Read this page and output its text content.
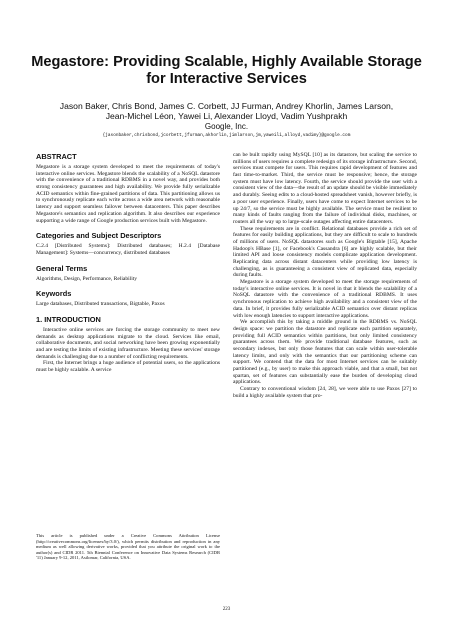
Megastore: Providing Scalable, Highly Available Storage for Interactive Services
Jason Baker, Chris Bond, James C. Corbett, JJ Furman, Andrey Khorlin, James Larson,
Jean-Michel Léon, Yawei Li, Alexander Lloyd, Vadim Yushprakh
Google, Inc.
{jasonbaker,chrisbond,jcorbett,jfurman,akhorlin,jimlarson,jm,yaweili,alloyd,vadimy}@google.com
ABSTRACT

Megastore is a storage system developed to meet the requirements of today's interactive online services. Megastore blends the scalability of a NoSQL datastore with the convenience of a traditional RDBMS in a novel way, and provides both strong consistency guarantees and high availability. We provide fully serializable ACID semantics within fine-grained partitions of data. This partitioning allows us to synchronously replicate each write across a wide area network with reasonable latency and support seamless failover between datacenters. This paper describes Megastore's semantics and replication algorithm. It also describes our experience supporting a wide range of Google production services built with Megastore.

Categories and Subject Descriptors

C.2.4 [Distributed Systems]: Distributed databases; H.2.4 [Database Management]: Systems—concurrency, distributed databases

General Terms

Algorithms, Design, Performance, Reliability

Keywords

Large databases, Distributed transactions, Bigtable, Paxos

1. INTRODUCTION

Interactive online services are forcing the storage community to meet new demands as desktop applications migrate to the cloud. Services like email, collaborative documents, and social networking have been growing exponentially and are testing the limits of existing infrastructure. Meeting these services' storage demands is challenging due to a number of conflicting requirements.

First, the Internet brings a huge audience of potential users, so the applications must be highly scalable. A service

This article is published under a Creative Commons Attribution License (http://creativecommons.org/licenses/by/3.0/), which permits distribution and reproduction in any medium as well allowing derivative works, provided that you attribute the original work to the author(s) and CIDR 2011. 5th Biennial Conference on Innovative Data Systems Research (CIDR '11) January 9-12, 2011, Asilomar, California, USA.

can be built rapidly using MySQL [10] as its datastore, but scaling the service to millions of users requires a complete redesign of its storage infrastructure. Second, services must compete for users. This requires rapid development of features and fast time-to-market. Third, the service must be responsive; hence, the storage system must have low latency. Fourth, the service should provide the user with a consistent view of the data—the result of an update should be visible immediately and durably. Seeing edits to a cloud-hosted spreadsheet vanish, however briefly, is a poor user experience. Finally, users have come to expect Internet services to be up 24/7, so the service must be highly available. The service must be resilient to many kinds of faults ranging from the failure of individual disks, machines, or routers all the way up to large-scale outages affecting entire datacenters.

These requirements are in conflict. Relational databases provide a rich set of features for easily building applications, but they are difficult to scale to hundreds of millions of users. NoSQL datastores such as Google's Bigtable [15], Apache Hadoop's HBase [1], or Facebook's Cassandra [6] are highly scalable, but their limited API and loose consistency models complicate application development. Replicating data across distant datacenters while providing low latency is challenging, as is guaranteeing a consistent view of replicated data, especially during faults.

Megastore is a storage system developed to meet the storage requirements of today's interactive online services. It is novel in that it blends the scalability of a NoSQL datastore with the convenience of a traditional RDBMS. It uses synchronous replication to achieve high availability and a consistent view of the data. In brief, it provides fully serializable ACID semantics over distant replicas with low enough latencies to support interactive applications.

We accomplish this by taking a middle ground in the RDBMS vs. NoSQL design space: we partition the datastore and replicate each partition separately, providing full ACID semantics within partitions, but only limited consistency guarantees across them. We provide traditional database features, such as secondary indexes, but only those features that can scale within user-tolerable latency limits, and only with the semantics that our partitioning scheme can support. We contend that the data for most Internet services can be suitably partitioned (e.g., by user) to make this approach viable, and that a small, but not spartan, set of features can substantially ease the burden of developing cloud applications.

Contrary to conventional wisdom [24, 28], we were able to use Paxos [27] to build a highly available system that pro-

223
